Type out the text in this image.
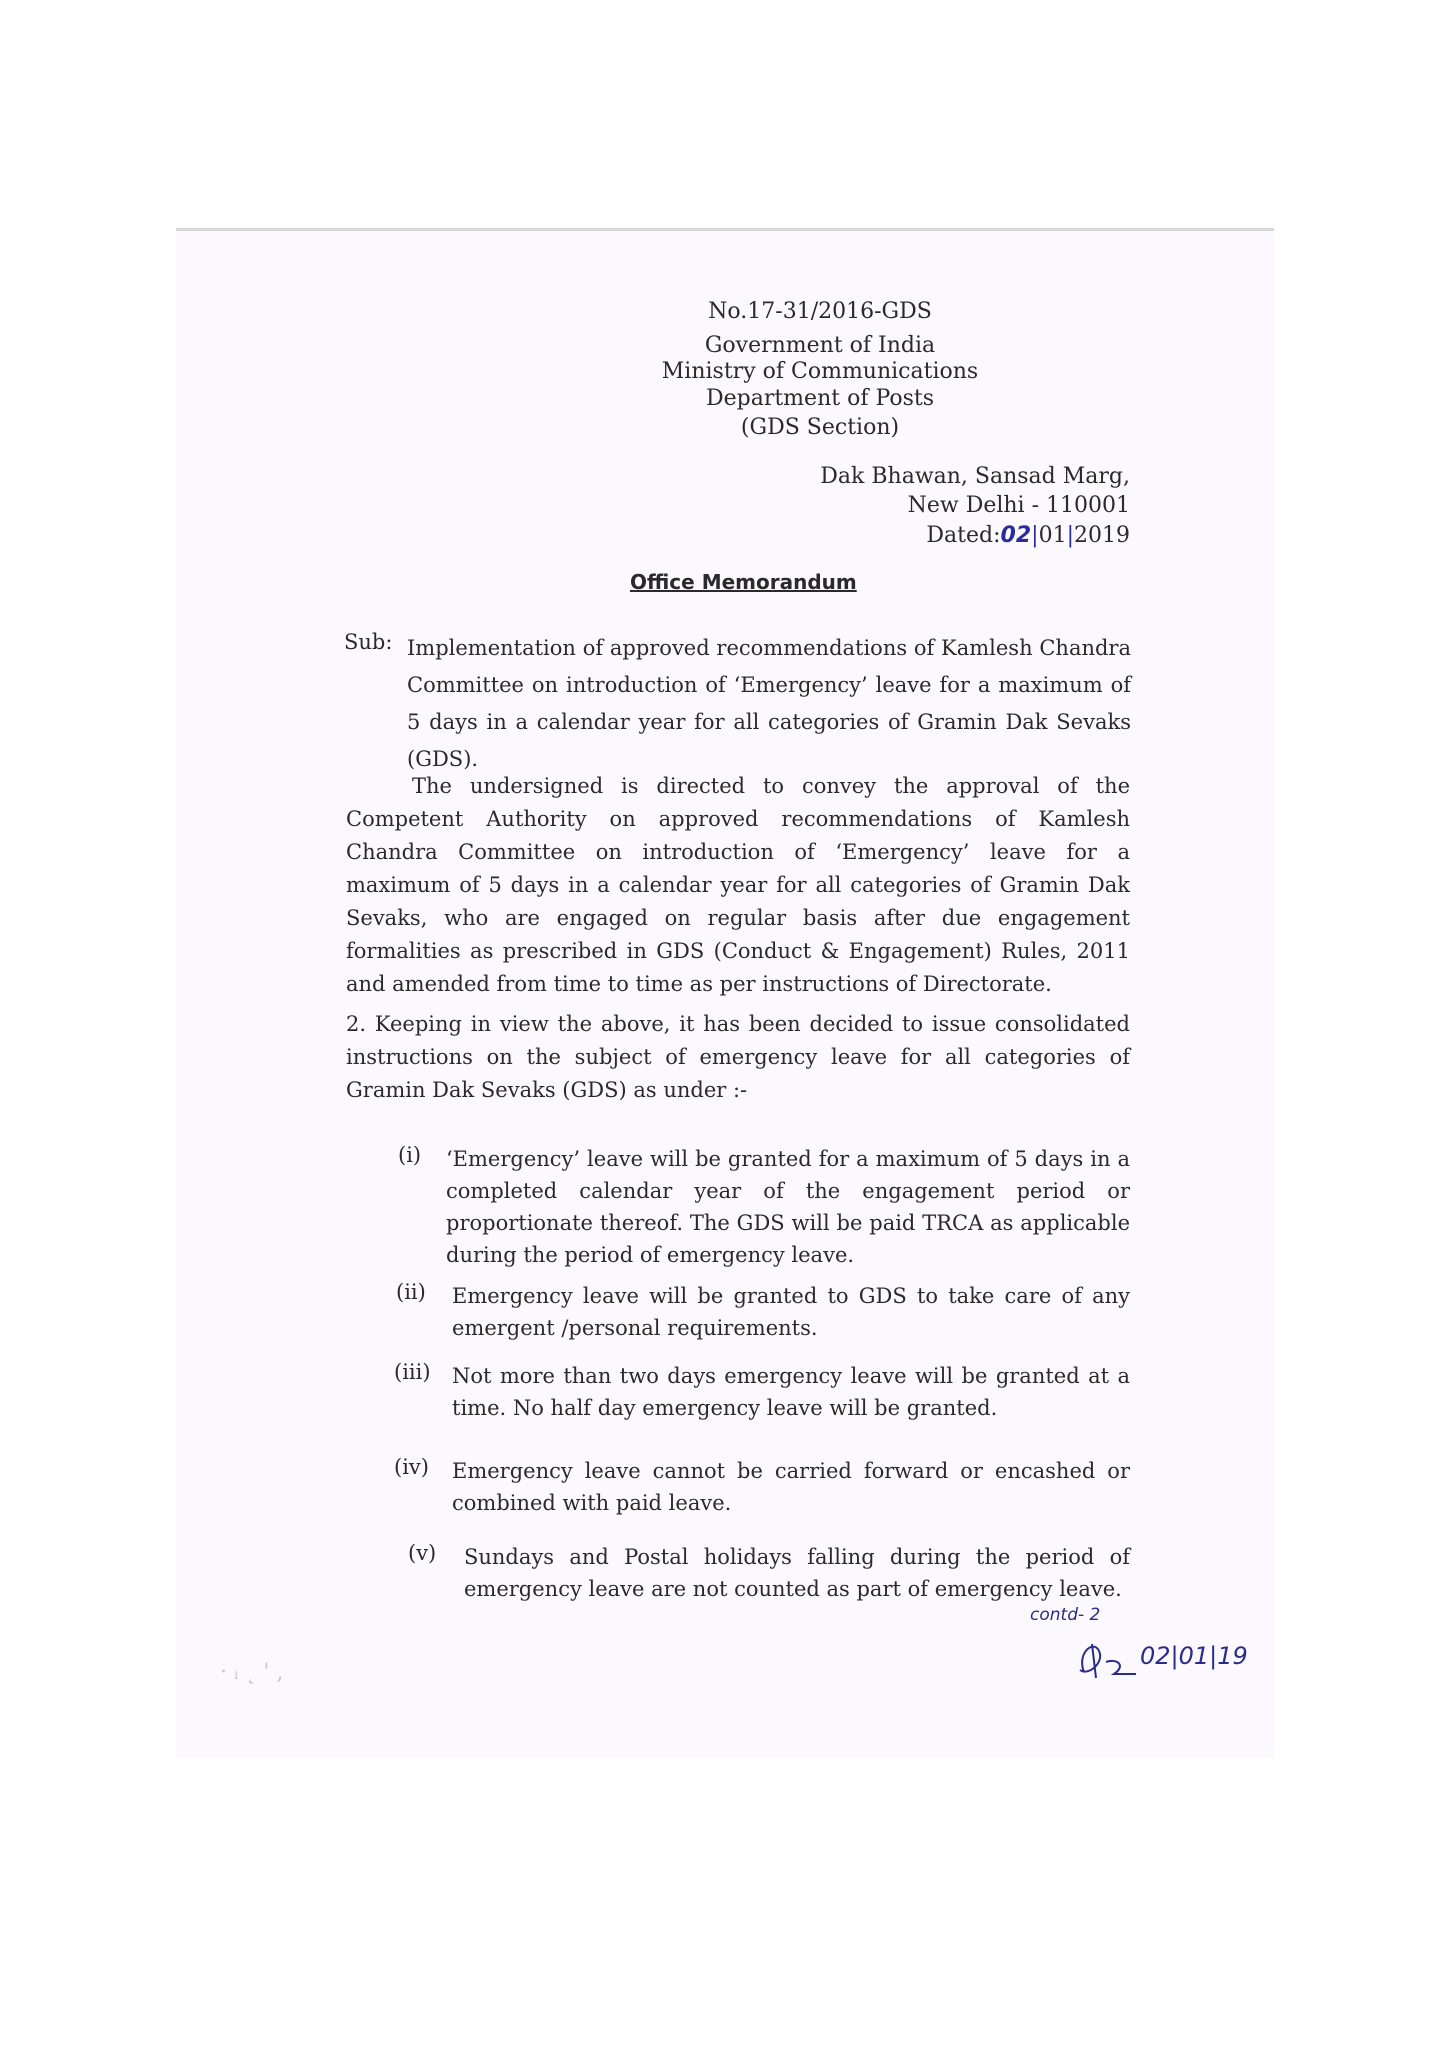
No.17-31/2016-GDS
Government of India
Ministry of Communications
Department of Posts
(GDS Section)
Dak Bhawan, Sansad Marg,
New Delhi - 110001
Dated:02|01|2019
Office Memorandum
Sub: Implementation of approved recommendations of Kamlesh Chandra Committee on introduction of ‘Emergency’ leave for a maximum of 5 days in a calendar year for all categories of Gramin Dak Sevaks (GDS).
The undersigned is directed to convey the approval of the Competent Authority on approved recommendations of Kamlesh Chandra Committee on introduction of ‘Emergency’ leave for a maximum of 5 days in a calendar year for all categories of Gramin Dak Sevaks, who are engaged on regular basis after due engagement formalities as prescribed in GDS (Conduct & Engagement) Rules, 2011 and amended from time to time as per instructions of Directorate.
2. Keeping in view the above, it has been decided to issue consolidated instructions on the subject of emergency leave for all categories of Gramin Dak Sevaks (GDS) as under :-
(i) ‘Emergency’ leave will be granted for a maximum of 5 days in a completed calendar year of the engagement period or proportionate thereof. The GDS will be paid TRCA as applicable during the period of emergency leave.
(ii) Emergency leave will be granted to GDS to take care of any emergent /personal requirements.
(iii) Not more than two days emergency leave will be granted at a time. No half day emergency leave will be granted.
(iv) Emergency leave cannot be carried forward or encashed or combined with paid leave.
(v) Sundays and Postal holidays falling during the period of emergency leave are not counted as part of emergency leave.
contd- 2
02|01|19
· ᵢ ˛ ' ,
